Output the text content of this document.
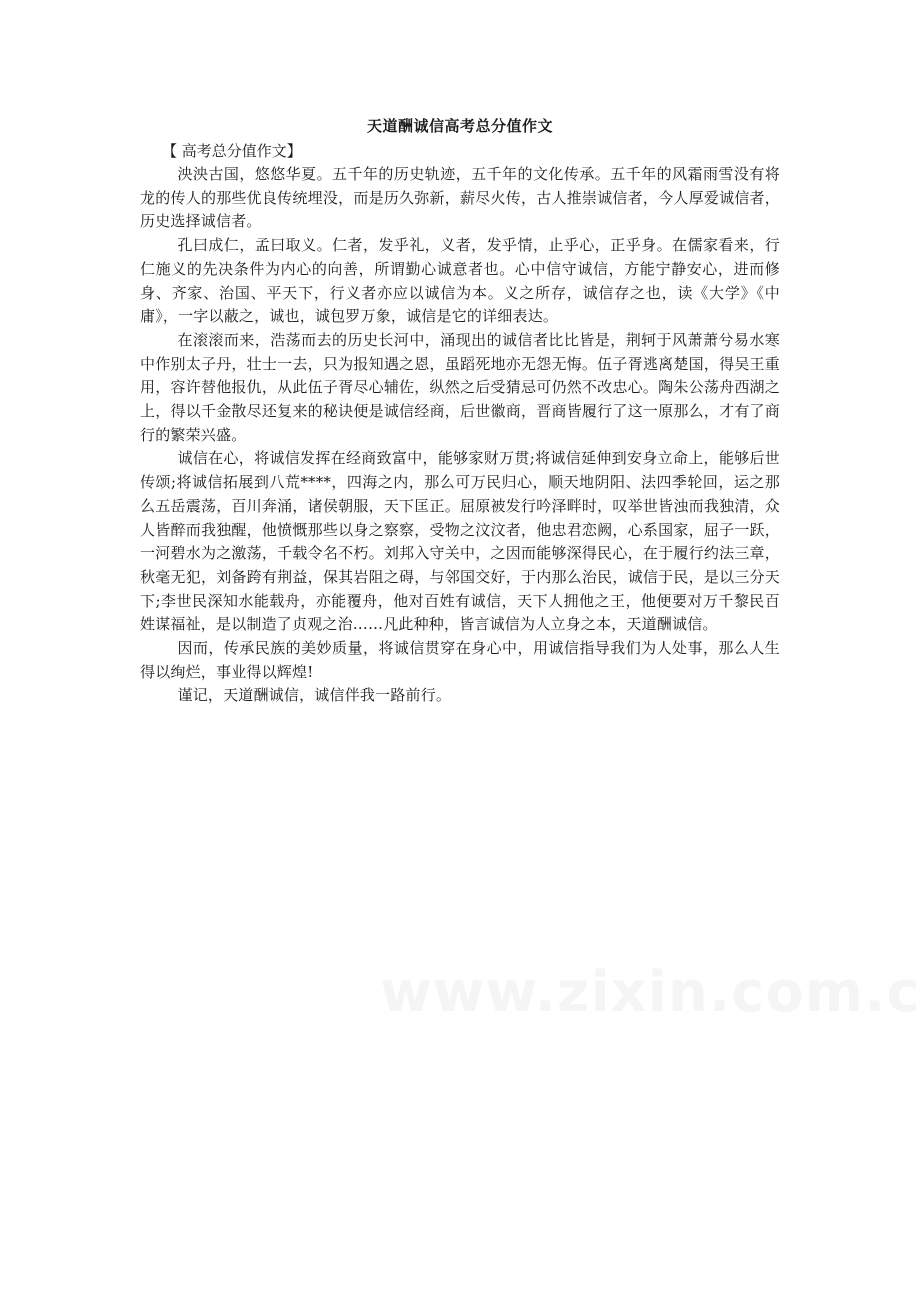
天道酬诚信高考总分值作文

【 高考总分值作文】

泱泱古国，悠悠华夏。五千年的历史轨迹，五千年的文化传承。五千年的风霜雨雪没有将龙的传人的那些优良传统埋没，而是历久弥新，薪尽火传，古人推崇诚信者，今人厚爱诚信者，历史选择诚信者。

孔曰成仁，孟曰取义。仁者，发乎礼，义者，发乎情，止乎心，正乎身。在儒家看来，行仁施义的先决条件为内心的向善，所谓勤心诚意者也。心中信守诚信，方能宁静安心，进而修身、齐家、治国、平天下，行义者亦应以诚信为本。义之所存，诚信存之也，读《大学》《中庸》，一字以蔽之，诚也，诚包罗万象，诚信是它的详细表达。

在滚滚而来，浩荡而去的历史长河中，涌现出的诚信者比比皆是，荆轲于风萧萧兮易水寒中作别太子丹，壮士一去，只为报知遇之恩，虽蹈死地亦无怨无悔。伍子胥逃离楚国，得吴王重用，容许替他报仇，从此伍子胥尽心辅佐，纵然之后受猜忌可仍然不改忠心。陶朱公荡舟西湖之上，得以千金散尽还复来的秘诀便是诚信经商，后世徽商，晋商皆履行了这一原那么，才有了商行的繁荣兴盛。

诚信在心，将诚信发挥在经商致富中，能够家财万贯;将诚信延伸到安身立命上，能够后世传颂;将诚信拓展到八荒****，四海之内，那么可万民归心，顺天地阴阳、法四季轮回，运之那么五岳震荡，百川奔涌，诸侯朝服，天下匡正。屈原被发行吟泽畔时，叹举世皆浊而我独清，众人皆醉而我独醒，他愤慨那些以身之察察，受物之汶汶者，他忠君恋阙，心系国家，屈子一跃，一河碧水为之激荡，千载令名不朽。刘邦入守关中，之因而能够深得民心，在于履行约法三章，秋毫无犯，刘备跨有荆益，保其岩阻之碍，与邻国交好，于内那么治民，诚信于民，是以三分天下;李世民深知水能载舟，亦能覆舟，他对百姓有诚信，天下人拥他之王，他便要对万千黎民百姓谋福祉，是以制造了贞观之治……凡此种种，皆言诚信为人立身之本，天道酬诚信。

因而，传承民族的美妙质量，将诚信贯穿在身心中，用诚信指导我们为人处事，那么人生得以绚烂，事业得以辉煌!

谨记，天道酬诚信，诚信伴我一路前行。
